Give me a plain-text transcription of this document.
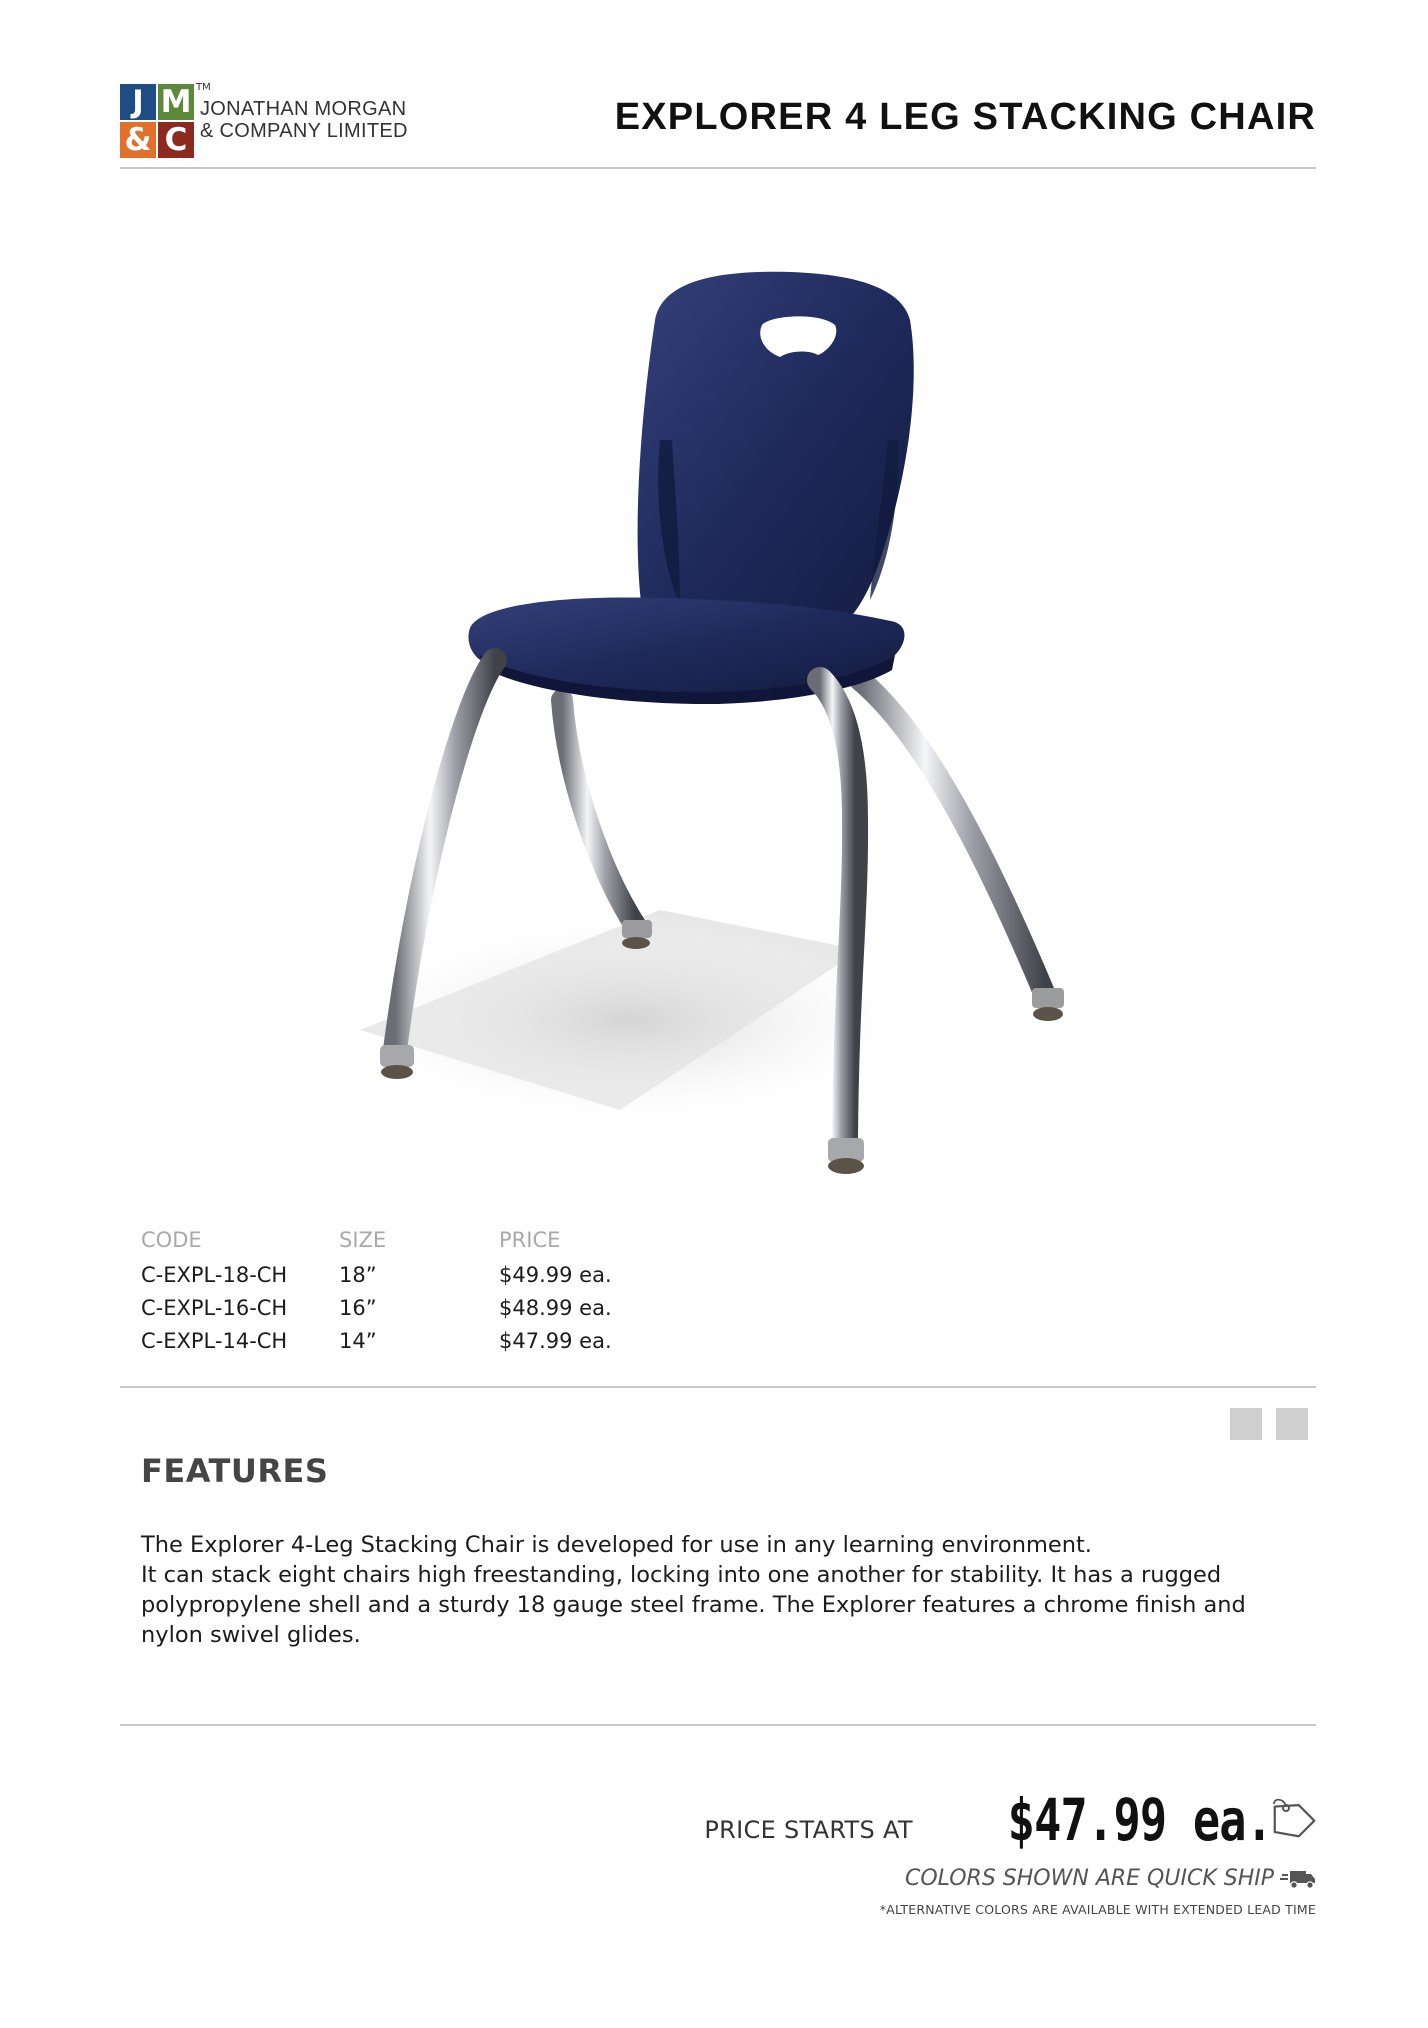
J M
& C
TM
JONATHAN MORGAN
& COMPANY LIMITED	EXPLORER 4 LEG STACKING CHAIR
CODE	SIZE	PRICE
C-EXPL-18-CH	18”	$49.99 ea.
C-EXPL-16-CH	16”	$48.99 ea.
C-EXPL-14-CH	14”	$47.99 ea.
FEATURES

The Explorer 4-Leg Stacking Chair is developed for use in any learning environment.

It can stack eight chairs high freestanding, locking into one another for stability. It has a rugged polypropylene shell and a sturdy 18 gauge steel frame. The Explorer features a chrome finish and nylon swivel glides.

PRICE STARTS AT $47.99 ea.
COLORS SHOWN ARE QUICK SHIP
*ALTERNATIVE COLORS ARE AVAILABLE WITH EXTENDED LEAD TIME
